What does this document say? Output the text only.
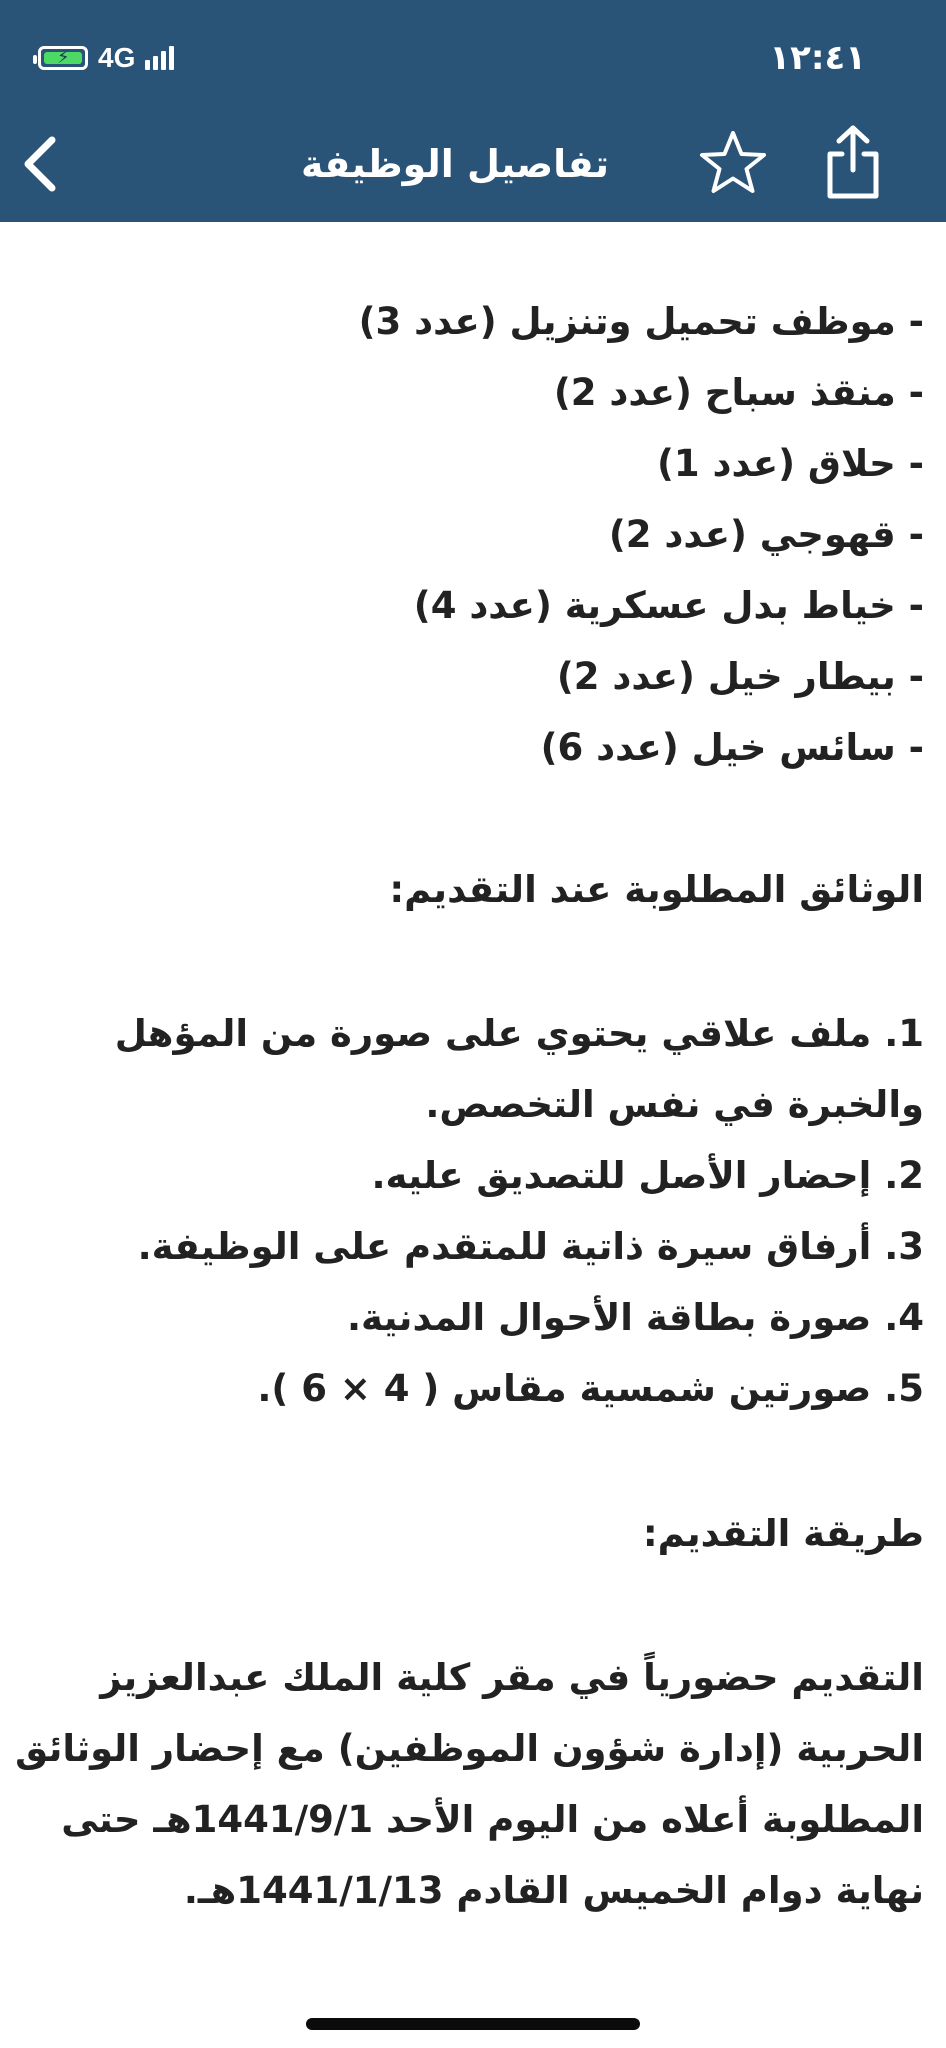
⚡ 4G	١٢:٤١
تفاصيل الوظيفة
- موظف تحميل وتنزيل (عدد 3)
- منقذ سباح (عدد 2)
- حلاق (عدد 1)
- قهوجي (عدد 2)
- خياط بدل عسكرية (عدد 4)
- بيطار خيل (عدد 2)
- سائس خيل (عدد 6)
الوثائق المطلوبة عند التقديم:
1. ملف علاقي يحتوي على صورة من المؤهل
والخبرة في نفس التخصص.
2. إحضار الأصل للتصديق عليه.
3. أرفاق سيرة ذاتية للمتقدم على الوظيفة.
4. صورة بطاقة الأحوال المدنية.
5. صورتين شمسية مقاس ( 4 × 6 ).
طريقة التقديم:
التقديم حضورياً في مقر كلية الملك عبدالعزيز
الحربية (إدارة شؤون الموظفين) مع إحضار الوثائق
المطلوبة أعلاه من اليوم الأحد 1441/9/1هـ حتى
نهاية دوام الخميس القادم 1441/1/13هـ.
